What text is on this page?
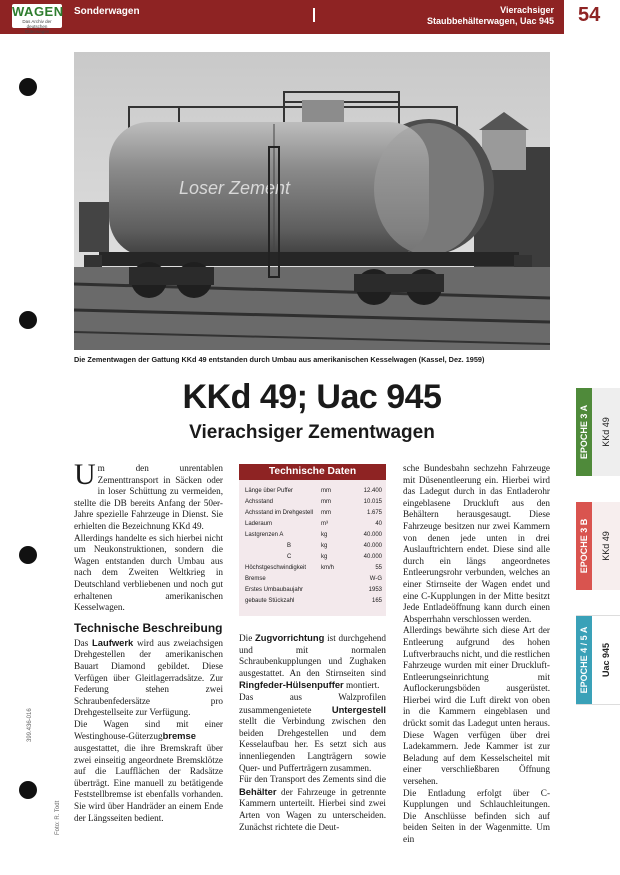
WAGEN
Das Archiv der deutschen Güterwagen
Sonderwagen	Vierachsiger
Staubbehälterwagen, Uac 945 54
Loser Zement
Die Zementwagen der Gattung KKd 49 entstanden durch Umbau aus amerikanischen Kesselwagen (Kassel, Dez. 1959)
KKd 49; Uac 945
Vierachsiger Zementwagen

Um den unrentablen Zementtransport in Säcken oder in loser Schüttung zu vermeiden, stellte die DB bereits Anfang der 50er-Jahre spezielle Fahrzeuge in Dienst. Sie erhielten die Bezeichnung KKd 49.

Allerdings handelte es sich hierbei nicht um Neukonstruktionen, sondern die Wagen entstanden durch Umbau aus nach dem Zweiten Weltkrieg in Deutschland verbliebenen und noch gut erhaltenen amerikanischen Kesselwagen.

Technische Beschreibung

Das Laufwerk wird aus zweiachsigen Drehgestellen der amerikanischen Bauart Diamond gebildet. Diese Verfügen über Gleitlagerradsätze. Zur Federung stehen zwei Schraubenfedersätze pro Drehgestellseite zur Verfügung.

Die Wagen sind mit einer Westinghouse-Güterzugbremse ausgestattet, die ihre Bremskraft über zwei einseitig angeordnete Bremsklötze auf die Laufflächen der Radsätze überträgt. Eine manuell zu betätigende Feststellbremse ist ebenfalls vorhanden. Sie wird über Handräder an einem Ende der Längsseiten bedient.

Technische Daten
Länge über Puffer	mm	12.400
Achsstand	mm	10.015
Achsstand im Drehgestell mm	1.675
Laderaum	m³	40
Lastgrenzen A	kg	40.000
B	kg	40.000
C	kg	40.000
Höchstgeschwindigkeit km/h	55
Bremse	W-G
Erstes Umbaubaujahr	1953
gebaute Stückzahl	165

Die Zugvorrichtung ist durchgehend und mit normalen Schraubenkupplungen und Zughaken ausgestattet. An den Stirnseiten sind Ringfeder-Hülsenpuffer montiert.

Das aus Walzprofilen zusammengenietete Untergestell stellt die Verbindung zwischen den beiden Drehgestellen und dem Kesselaufbau her. Es setzt sich aus innenliegenden Langträgern sowie Quer- und Pufferträgern zusammen.

Für den Transport des Zements sind die Behälter der Fahrzeuge in getrennte Kammern unterteilt. Hierbei sind zwei Arten von Wagen zu unterscheiden. Zunächst richtete die Deut-

sche Bundesbahn sechzehn Fahrzeuge mit Düsenentleerung ein. Hierbei wird das Ladegut durch in das Entladerohr eingeblasene Druckluft aus den Behältern herausgesaugt. Diese Fahrzeuge besitzen nur zwei Kammern von denen jede unten in drei Auslauftrichtern endet. Diese sind alle durch ein längs angeordnetes Entleerungsrohr verbunden, welches an einer Stirnseite der Wagen endet und eine C-Kupplungen in der Mitte besitzt Jede Entladeöffnung kann durch einen Absperrhahn verschlossen werden.

Allerdings bewährte sich diese Art der Entleerung aufgrund des hohen Luftverbrauchs nicht, und die restlichen Fahrzeuge wurden mit einer Druckluft-Entleerungseinrichtung mit Auflockerungsböden ausgerüstet. Hierbei wird die Luft direkt von oben in die Kammern eingeblasen und drückt somit das Ladegut unten heraus. Diese Wagen verfügen über drei Ladekammern. Jede Kammer ist zur Beladung auf dem Kesselscheitel mit einer verschließbaren Öffnung versehen.

Die Entladung erfolgt über C-Kupplungen und Schlauchleitungen. Die Anschlüsse befinden sich auf beiden Seiten in der Wagenmitte. Um ein

EPOCHE 3 A KKd 49
EPOCHE 3 B KKd 49
EPOCHE 4 / 5 A Uac 945
399.436-016
Foto: R. Todt
